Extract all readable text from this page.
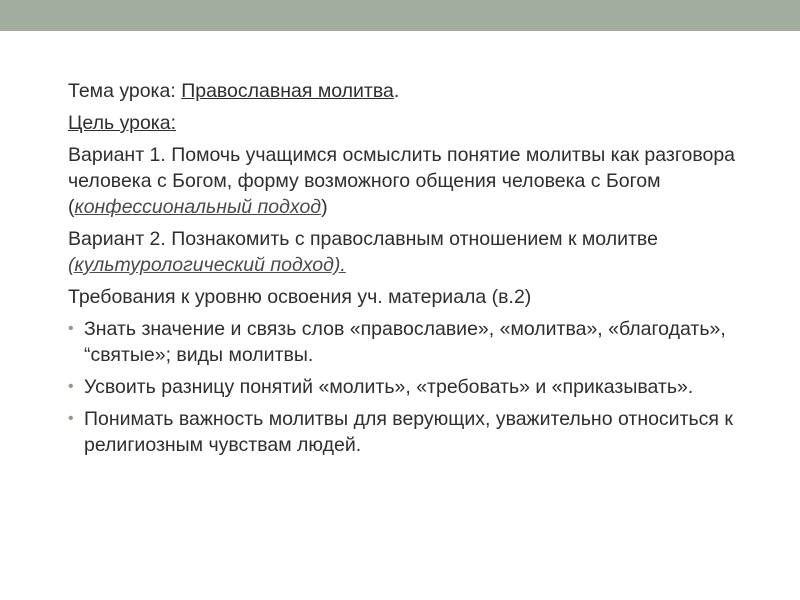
Тема урока: Православная молитва.

Цель урока:

Вариант 1. Помочь учащимся осмыслить понятие молитвы как разговора человека с Богом, форму возможного общения человека с Богом (конфессиональный подход)

Вариант 2. Познакомить с православным отношением к молитве (культурологический подход).

Требования к уровню освоения уч. материала (в.2)

• Знать значение и связь слов «православие», «молитва», «благодать», “святые»; виды молитвы.
• Усвоить разницу понятий «молить», «требовать» и «приказывать».
• Понимать важность молитвы для верующих, уважительно относиться к религиозным чувствам людей.
